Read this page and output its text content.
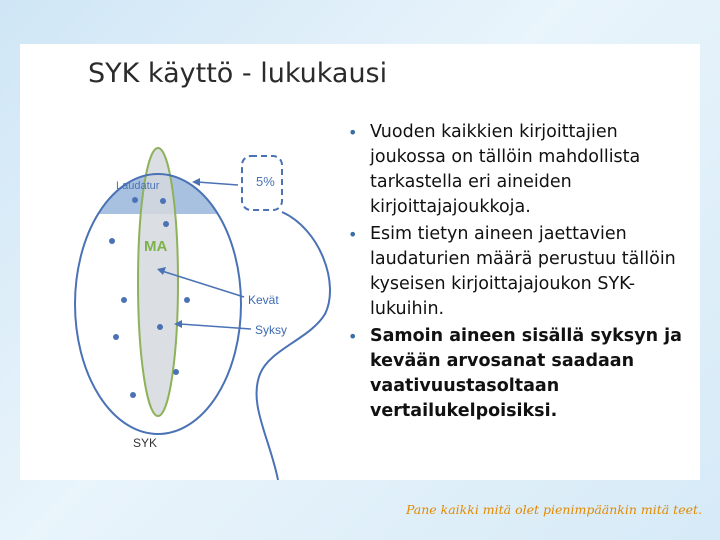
SYK käyttö - lukukausi
5%
Laudatur
MA
Kevät
Syksy
SYK
• Vuoden kaikkien kirjoittajien joukossa on tällöin mahdollista tarkastella eri aineiden kirjoittajajoukkoja.
• Esim tietyn aineen jaettavien laudaturien määrä perustuu tällöin kyseisen kirjoittajajoukon SYK-lukuihin.
• Samoin aineen sisällä syksyn ja kevään arvosanat saadaan vaativuustasoltaan vertailukelpoisiksi.
Pane kaikki mitä olet pienimpäänkin mitä teet.
